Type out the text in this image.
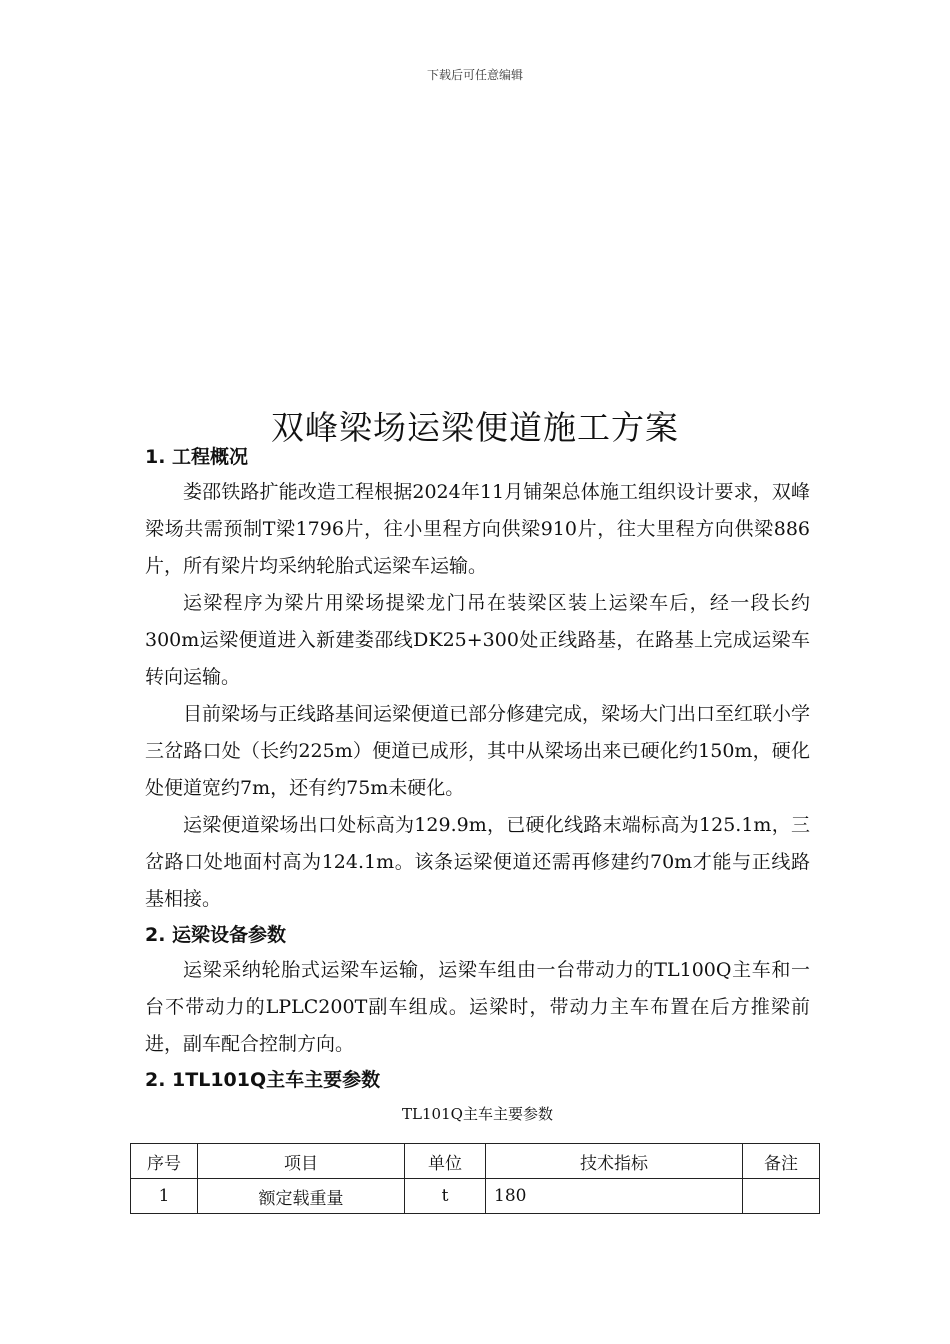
下载后可任意编辑
双峰梁场运梁便道施工方案
1. 工程概况

娄邵铁路扩能改造工程根据2024年11月铺架总体施工组织设计要求，双峰梁场共需预制T梁1796片，往小里程方向供梁910片，往大里程方向供梁886片，所有梁片均采纳轮胎式运梁车运输。

运梁程序为梁片用梁场提梁龙门吊在装梁区装上运梁车后，经一段长约300m运梁便道进入新建娄邵线DK25+300处正线路基，在路基上完成运梁车转向运输。

目前梁场与正线路基间运梁便道已部分修建完成，梁场大门出口至红联小学三岔路口处（长约225m）便道已成形，其中从梁场出来已硬化约150m，硬化处便道宽约7m，还有约75m未硬化。

运梁便道梁场出口处标高为129.9m，已硬化线路末端标高为125.1m，三岔路口处地面村高为124.1m。该条运梁便道还需再修建约70m才能与正线路基相接。

2. 运梁设备参数

运梁采纳轮胎式运梁车运输，运梁车组由一台带动力的TL100Q主车和一台不带动力的LPLC200T副车组成。运梁时，带动力主车布置在后方推梁前进，副车配合控制方向。

2. 1TL101Q主车主要参数
TL101Q主车主要参数
序号	项目	单位	技术指标	备注
1	额定载重量	t	180	
